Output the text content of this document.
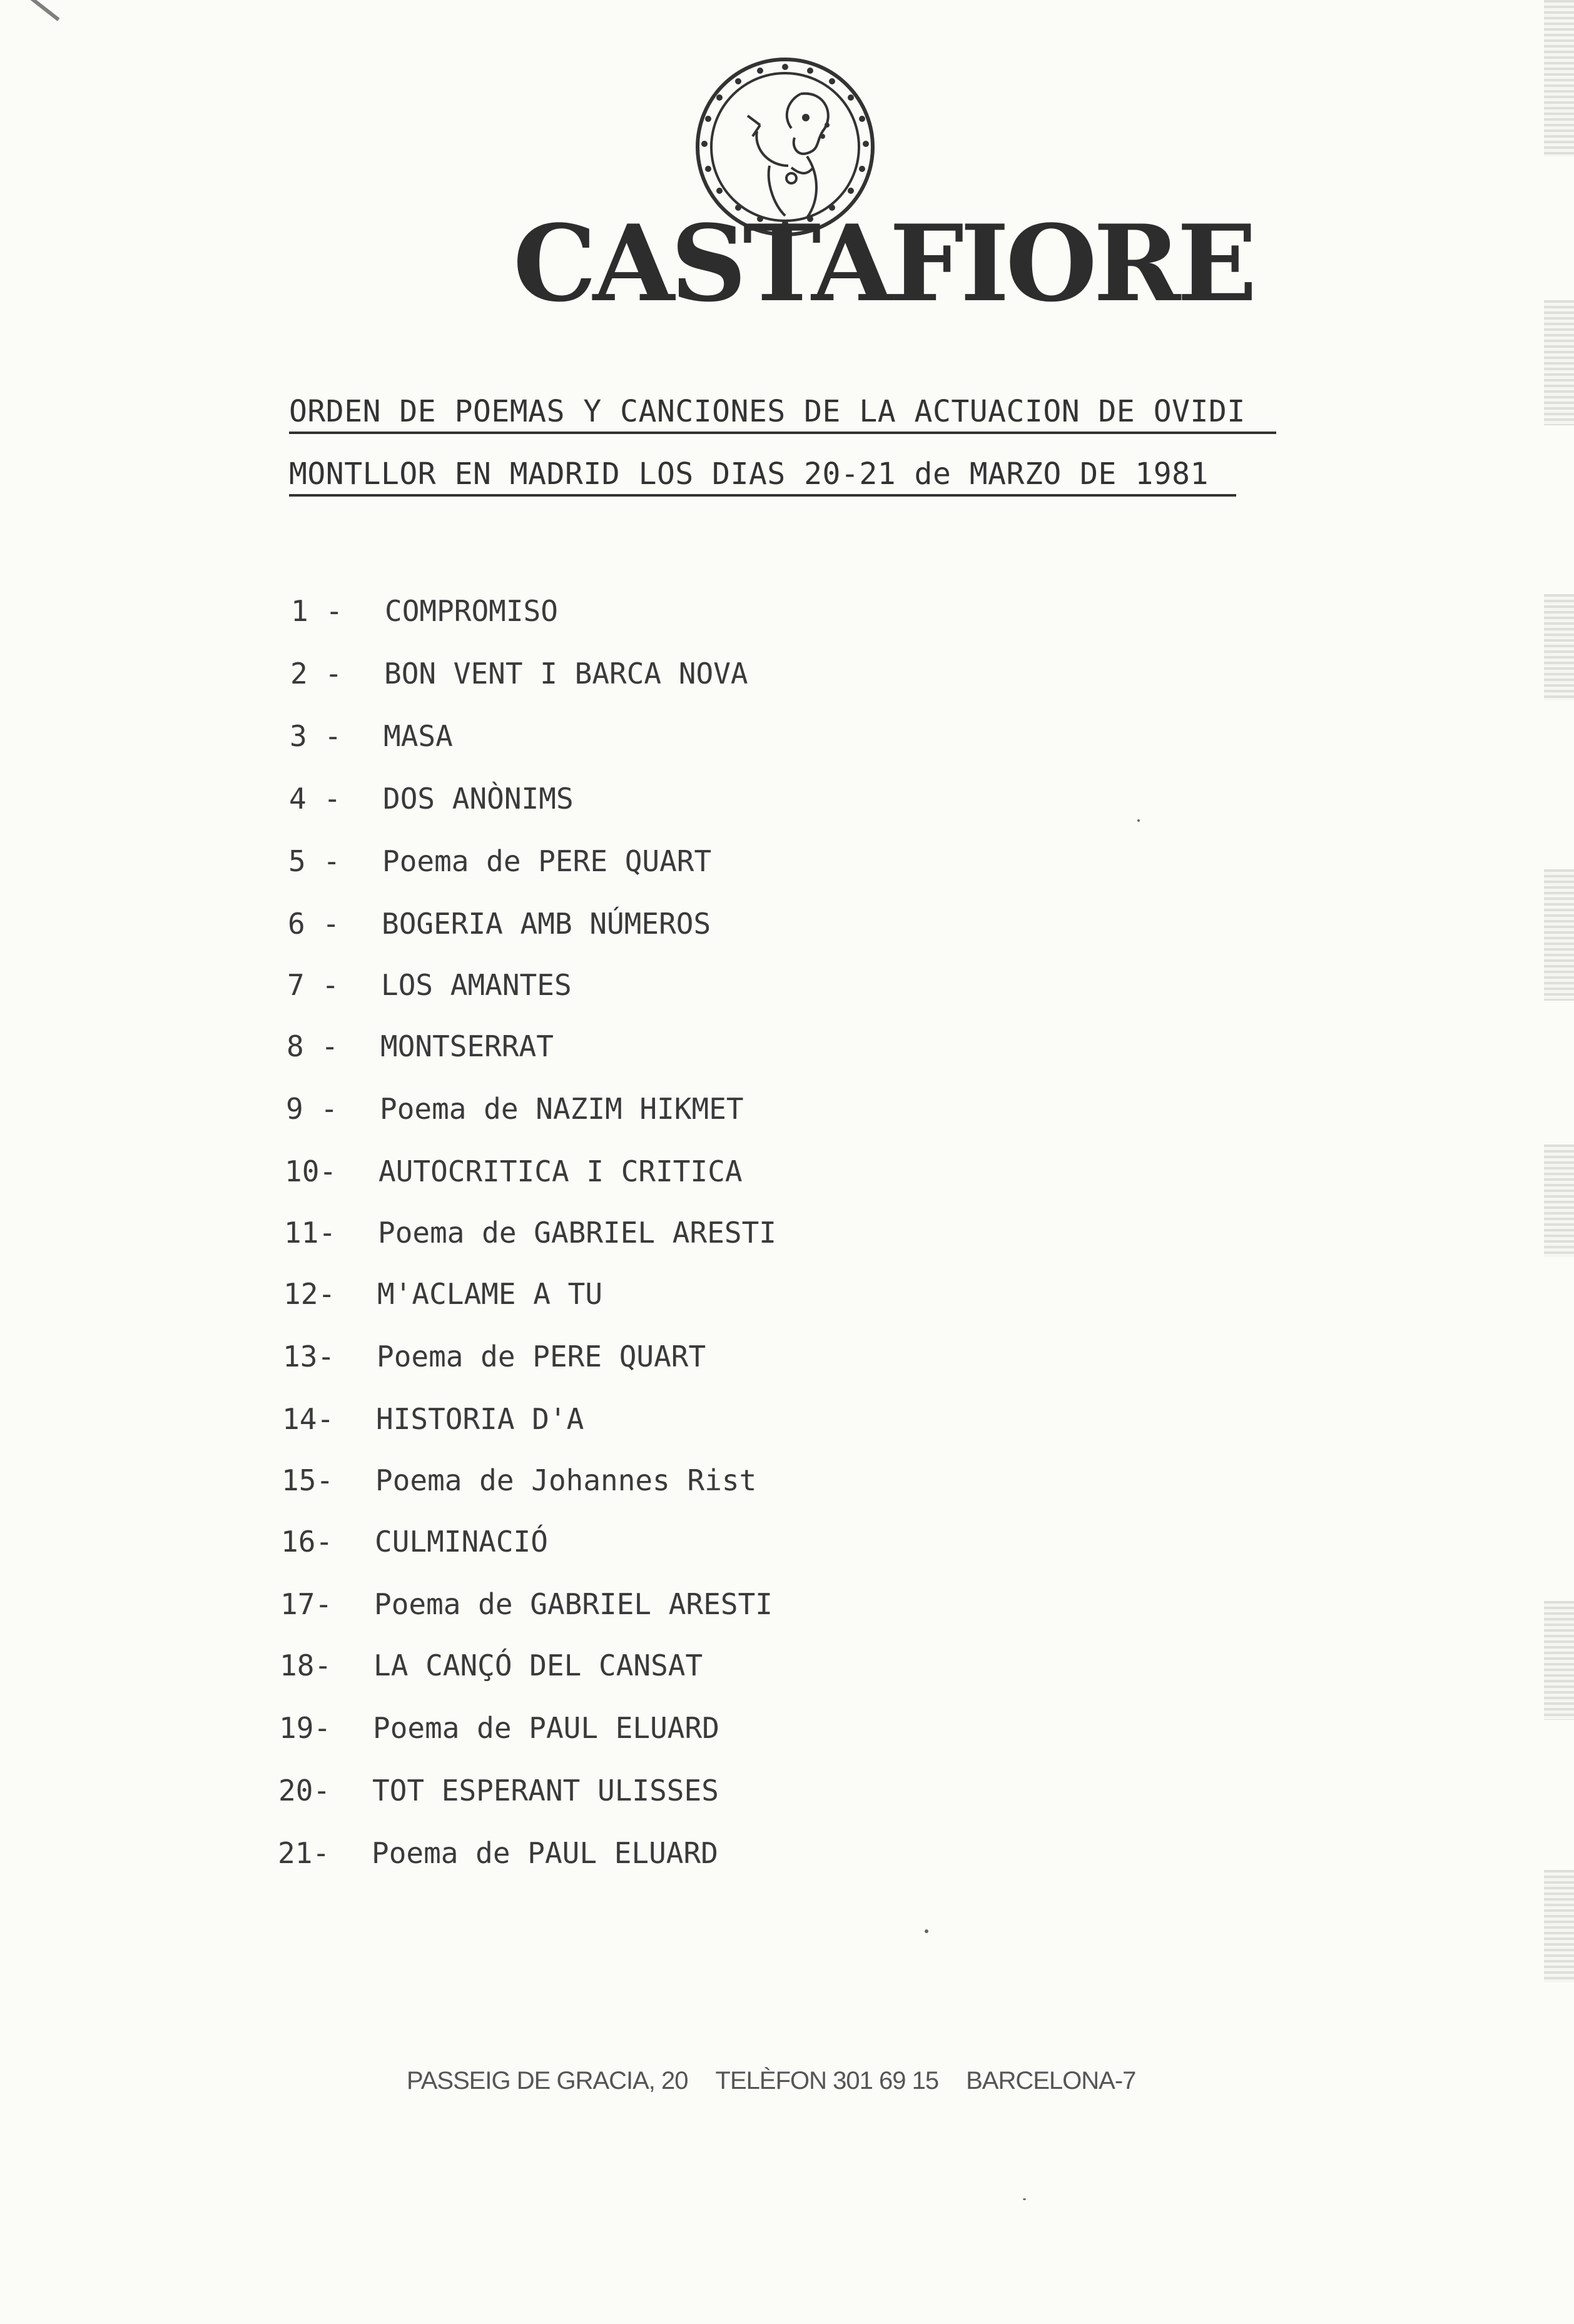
CASTAFIORE
ORDEN DE POEMAS Y CANCIONES DE LA ACTUACION DE OVIDI
MONTLLOR EN MADRID LOS DIAS 20-21 de MARZO DE 1981
1 - COMPROMISO
2 - BON VENT I BARCA NOVA
3 - MASA
4 - DOS ANÒNIMS
5 - Poema de PERE QUART
6 - BOGERIA AMB NÚMEROS
7 - LOS AMANTES
8 - MONTSERRAT
9 - Poema de NAZIM HIKMET
10- AUTOCRITICA I CRITICA
11- Poema de GABRIEL ARESTI
12- M'ACLAME A TU
13- Poema de PERE QUART
14- HISTORIA D'A
15- Poema de Johannes Rist
16- CULMINACIÓ
17- Poema de GABRIEL ARESTI
18- LA CANÇÓ DEL CANSAT
19- Poema de PAUL ELUARD
20- TOT ESPERANT ULISSES
21- Poema de PAUL ELUARD
PASSEIG DE GRACIA, 20 TELÈFON 301 69 15 BARCELONA-7
